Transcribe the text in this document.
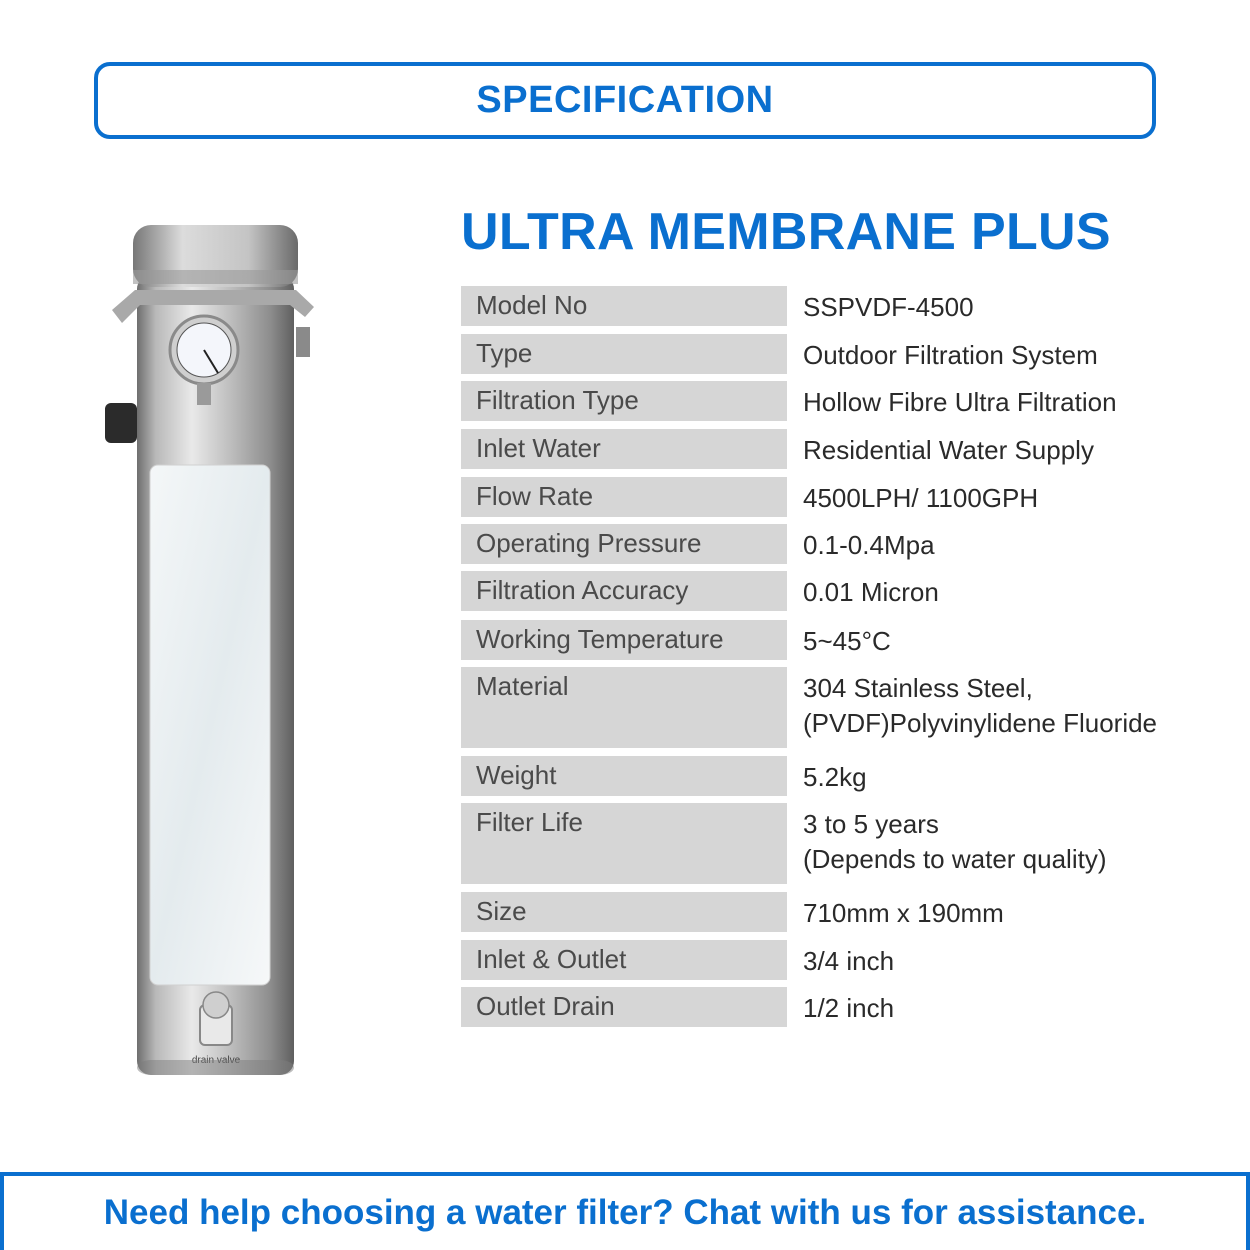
SPECIFICATION
ULTRA MEMBRANE PLUS
Model No	SSPVDF-4500
Type	Outdoor Filtration System
Filtration Type	Hollow Fibre Ultra Filtration
Inlet Water	Residential Water Supply
Flow Rate	4500LPH/ 1100GPH
Operating Pressure	0.1-0.4Mpa
Filtration Accuracy	0.01 Micron
Working Temperature	5~45°C
Material	304 Stainless Steel,
(PVDF)Polyvinylidene Fluoride
Weight	5.2kg
Filter Life	3 to 5 years
(Depends to water quality)
Size	710mm x 190mm
Inlet & Outlet	3/4 inch
Outlet Drain	1/2 inch
Need help choosing a water filter? Chat with us for assistance.
